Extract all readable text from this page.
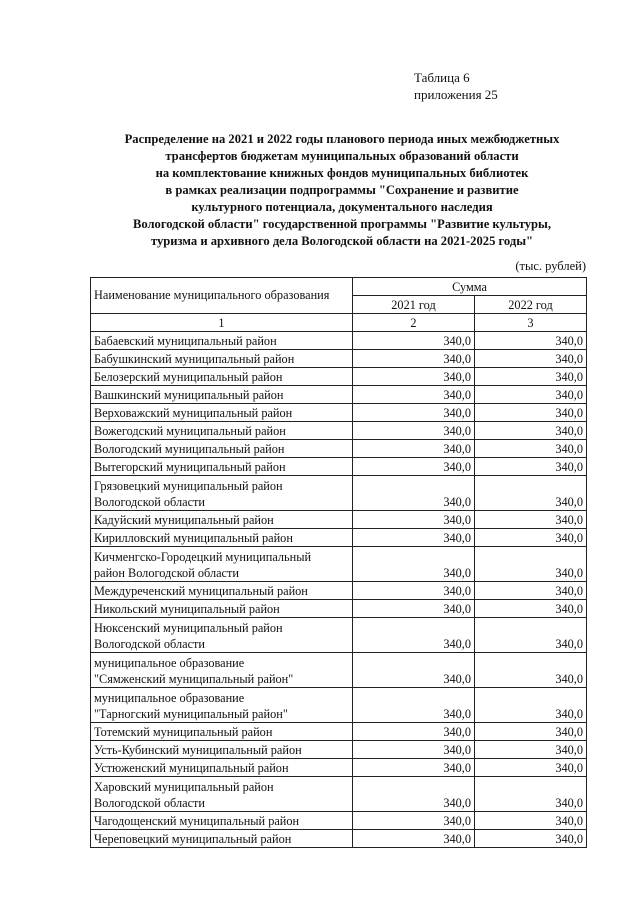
Таблица 6
приложения 25
Распределение на 2021 и 2022 годы планового периода иных межбюджетных
трансфертов бюджетам муниципальных образований области
на комплектование книжных фондов муниципальных библиотек
в рамках реализации подпрограммы "Сохранение и развитие
культурного потенциала, документального наследия
Вологодской области" государственной программы "Развитие культуры,
туризма и архивного дела Вологодской области на 2021-2025 годы"
(тыс. рублей)
Наименование муниципального образования	Сумма	
	2021 год	2022 год
1	2	3

Бабаевский муниципальный район	340,0	340,0

Бабушкинский муниципальный район	340,0	340,0

Белозерский муниципальный район	340,0	340,0

Вашкинский муниципальный район	340,0	340,0

Верховажский муниципальный район	340,0	340,0

Вожегодский муниципальный район	340,0	340,0

Вологодский муниципальный район	340,0	340,0

Вытегорский муниципальный район	340,0	340,0

Грязовецкий муниципальный район
Вологодской области	340,0	340,0

Кадуйский муниципальный район	340,0	340,0

Кирилловский муниципальный район	340,0	340,0

Кичменгско-Городецкий муниципальный
район Вологодской области	340,0	340,0

Междуреченский муниципальный район	340,0	340,0

Никольский муниципальный район	340,0	340,0

Нюксенский муниципальный район
Вологодской области	340,0	340,0

муниципальное образование
"Сямженский муниципальный район"	340,0	340,0

муниципальное образование
"Тарногский муниципальный район"	340,0	340,0

Тотемский муниципальный район	340,0	340,0

Усть-Кубинский муниципальный район	340,0	340,0

Устюженский муниципальный район	340,0	340,0

Харовский муниципальный район
Вологодской области	340,0	340,0

Чагодощенский муниципальный район	340,0	340,0

Череповецкий муниципальный район	340,0	340,0
